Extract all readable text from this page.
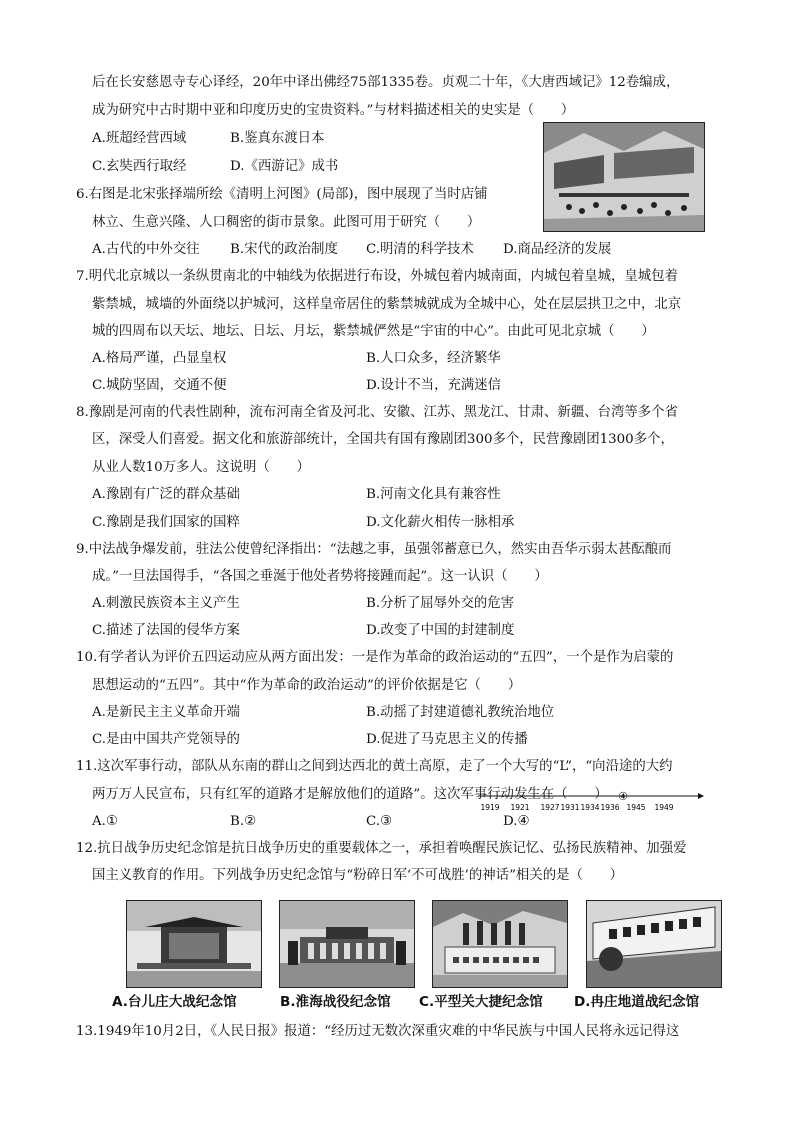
后在长安慈恩寺专心译经，20年中译出佛经75部1335卷。贞观二十年，《大唐西域记》12卷编成，
成为研究中古时期中亚和印度历史的宝贵资料。”与材料描述相关的史实是（　　）
A.班超经营西域	B.鉴真东渡日本
C.玄奘西行取经	D.《西游记》成书
6.右图是北宋张择端所绘《清明上河图》(局部)，图中展现了当时店铺
林立、生意兴隆、人口稠密的街市景象。此图可用于研究（　　）
A.古代的中外交往 B.宋代的政治制度 C.明清的科学技术 D.商品经济的发展
7.明代北京城以一条纵贯南北的中轴线为依据进行布设，外城包着内城南面，内城包着皇城，皇城包着
紫禁城，城墙的外面绕以护城河，这样皇帝居住的紫禁城就成为全城中心，处在层层拱卫之中，北京
城的四周布以天坛、地坛、日坛、月坛，紫禁城俨然是“宇宙的中心”。由此可见北京城（　　）
A.格局严谨，凸显皇权	B.人口众多，经济繁华
C.城防坚固，交通不便	D.设计不当，充满迷信
8.豫剧是河南的代表性剧种，流布河南全省及河北、安徽、江苏、黑龙江、甘肃、新疆、台湾等多个省
区，深受人们喜爱。据文化和旅游部统计，全国共有国有豫剧团300多个，民营豫剧团1300多个，
从业人数10万多人。这说明（　　）
A.豫剧有广泛的群众基础	B.河南文化具有兼容性
C.豫剧是我们国家的国粹	D.文化薪火相传一脉相承
9.中法战争爆发前，驻法公使曾纪泽指出：“法越之事，虽强邻蓄意已久，然实由吾华示弱太甚酝酿而
成。”一旦法国得手，“各国之垂涎于他处者势将接踵而起”。这一认识（　　）
A.刺激民族资本主义产生	B.分析了屈辱外交的危害
C.描述了法国的侵华方案	D.改变了中国的封建制度
10.有学者认为评价五四运动应从两方面出发：一是作为革命的政治运动的“五四”，一个是作为启蒙的
思想运动的“五四”。其中“作为革命的政治运动”的评价依据是它（　　）
A.是新民主主义革命开端	B.动摇了封建道德礼教统治地位
C.是由中国共产党领导的	D.促进了马克思主义的传播
11.这次军事行动，部队从东南的群山之间到达西北的黄土高原，走了一个大写的“L”，“向沿途的大约
两万万人民宣布，只有红军的道路才是解放他们的道路”。这次军事行动发生在（　　） ④
1919 1921 1927 1931 1934 1936 1945 1949
A.①	B.②	C.③	D.④
12.抗日战争历史纪念馆是抗日战争历史的重要载体之一，承担着唤醒民族记忆、弘扬民族精神、加强爱
国主义教育的作用。下列战争历史纪念馆与“粉碎日军‘不可战胜’的神话”相关的是（　　）
A.台儿庄大战纪念馆	B.淮海战役纪念馆 C.平型关大捷纪念馆 D.冉庄地道战纪念馆
13.1949年10月2日，《人民日报》报道：“经历过无数次深重灾难的中华民族与中国人民将永远记得这
